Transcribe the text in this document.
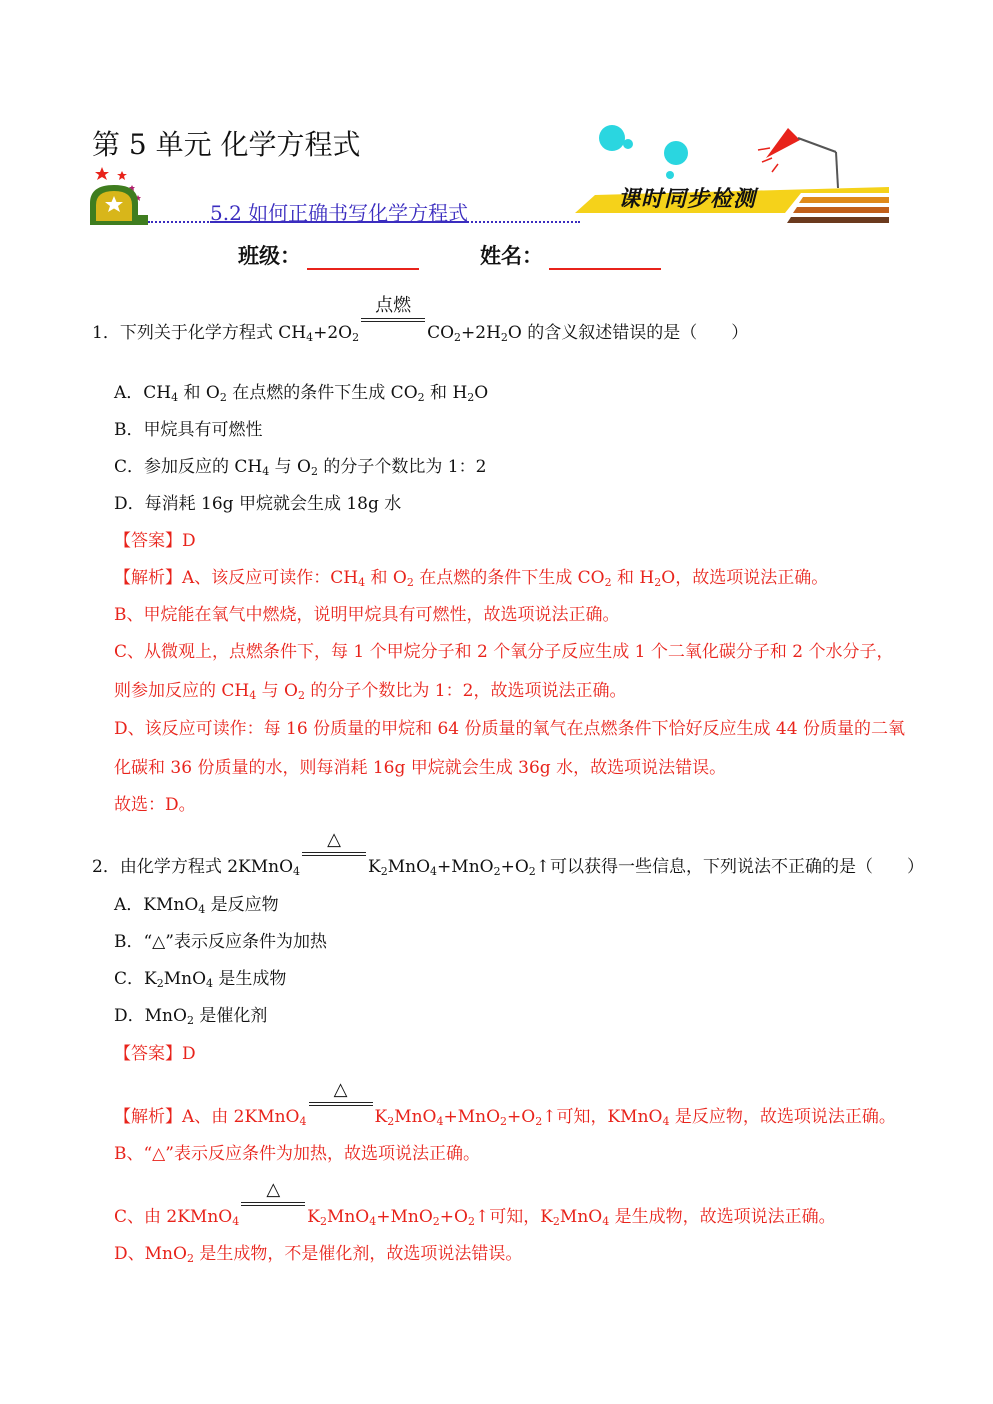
第 5 单元 化学方程式
5.2 如何正确书写化学方程式
课时同步检测
班级：	姓名：
1．下列关于化学方程式 $CH_4+2O_2$
点燃
$CO_2+2H_2O$ 的含义叙述错误的是（　　）
A．$CH_4$ 和 $O_2$ 在点燃的条件下生成 $CO_2$ 和 $H_2O$
B．甲烷具有可燃性
C．参加反应的 $CH_4$ 与 $O_2$ 的分子个数比为 1：2
D．每消耗 16g 甲烷就会生成 18g 水
【答案】D
【解析】A、该反应可读作：$CH_4$ 和 $O_2$ 在点燃的条件下生成 $CO_2$ 和 $H_2O$，故选项说法正确。
B、甲烷能在氧气中燃烧，说明甲烷具有可燃性，故选项说法正确。
C、从微观上，点燃条件下，每 1 个甲烷分子和 2 个氧分子反应生成 1 个二氧化碳分子和 2 个水分子，
则参加反应的 $CH_4$ 与 $O_2$ 的分子个数比为 1：2，故选项说法正确。
D、该反应可读作：每 16 份质量的甲烷和 64 份质量的氧气在点燃条件下恰好反应生成 44 份质量的二氧
化碳和 36 份质量的水，则每消耗 16g 甲烷就会生成 36g 水，故选项说法错误。
故选：D。
2．由化学方程式 2KMnO$_4$
△
$K_2MnO_4+MnO_2+O_2↑$可以获得一些信息，下列说法不正确的是（　　）
A．KMnO$_4$ 是反应物
B．“△”表示反应条件为加热
C．$K_2MnO_4$ 是生成物
D．MnO$_2$ 是催化剂
【答案】D
【解析】A、由 2KMnO$_4$
△
$K_2MnO_4+MnO_2+O_2↑$可知，KMnO$_4$ 是反应物，故选项说法正确。
B、“△”表示反应条件为加热，故选项说法正确。
C、由 2KMnO$_4$
△
$K_2MnO_4+MnO_2+O_2↑$可知，$K_2MnO_4$ 是生成物，故选项说法正确。
D、MnO$_2$ 是生成物，不是催化剂，故选项说法错误。
